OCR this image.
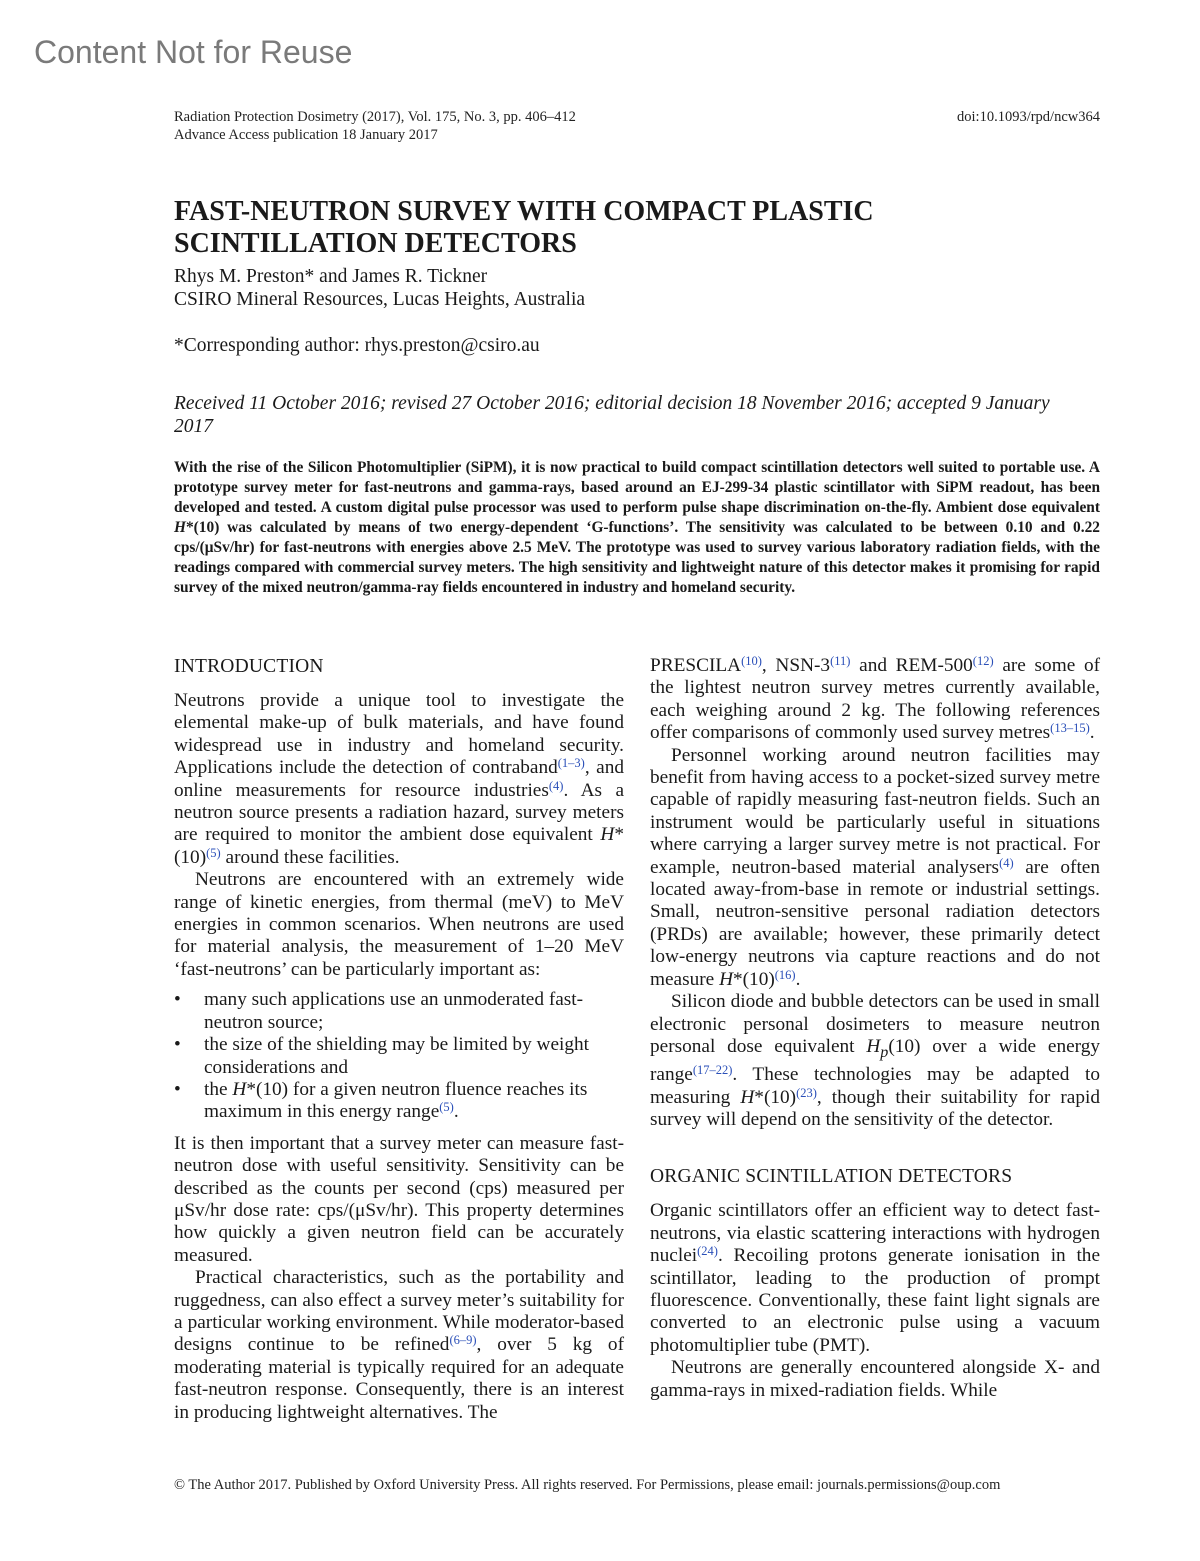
Content Not for Reuse
Radiation Protection Dosimetry (2017), Vol. 175, No. 3, pp. 406–412
Advance Access publication 18 January 2017
doi:10.1093/rpd/ncw364
FAST-NEUTRON SURVEY WITH COMPACT PLASTIC SCINTILLATION DETECTORS
Rhys M. Preston* and James R. Tickner
CSIRO Mineral Resources, Lucas Heights, Australia
*Corresponding author: rhys.preston@csiro.au
Received 11 October 2016; revised 27 October 2016; editorial decision 18 November 2016; accepted 9 January 2017

With the rise of the Silicon Photomultiplier (SiPM), it is now practical to build compact scintillation detectors well suited to portable use. A prototype survey meter for fast-neutrons and gamma-rays, based around an EJ-299-34 plastic scintillator with SiPM readout, has been developed and tested. A custom digital pulse processor was used to perform pulse shape discrimination on-the-fly. Ambient dose equivalent H*(10) was calculated by means of two energy-dependent ‘G-functions’. The sensitivity was calculated to be between 0.10 and 0.22 cps/(μSv/hr) for fast-neutrons with energies above 2.5 MeV. The prototype was used to survey various laboratory radiation fields, with the readings compared with commercial survey meters. The high sensitivity and lightweight nature of this detector makes it promising for rapid survey of the mixed neutron/gamma-ray fields encountered in industry and homeland security.

INTRODUCTION

Neutrons provide a unique tool to investigate the elemental make-up of bulk materials, and have found widespread use in industry and homeland security. Applications include the detection of contraband$^{(1-3)}$, and online measurements for resource industries$^{(4)}$. As a neutron source presents a radiation hazard, survey meters are required to monitor the ambient dose equivalent H*(10)$^{(5)}$ around these facilities.

Neutrons are encountered with an extremely wide range of kinetic energies, from thermal (meV) to MeV energies in common scenarios. When neutrons are used for material analysis, the measurement of 1–20 MeV ‘fast-neutrons’ can be particularly important as:

• many such applications use an unmoderated fast-neutron source;
• the size of the shielding may be limited by weight considerations and
• the H*(10) for a given neutron fluence reaches its maximum in this energy range$^{(5)}$.

It is then important that a survey meter can measure fast-neutron dose with useful sensitivity. Sensitivity can be described as the counts per second (cps) measured per μSv/hr dose rate: cps/(μSv/hr). This property determines how quickly a given neutron field can be accurately measured.

Practical characteristics, such as the portability and ruggedness, can also effect a survey meter’s suitability for a particular working environment. While moderator-based designs continue to be refined$^{(6-9)}$, over 5 kg of moderating material is typically required for an adequate fast-neutron response. Consequently, there is an interest in producing lightweight alternatives. The

PRESCILA$^{(10)}$, NSN-3$^{(11)}$ and REM-500$^{(12)}$ are some of the lightest neutron survey metres currently available, each weighing around 2 kg. The following references offer comparisons of commonly used survey metres$^{(13-15)}$.

Personnel working around neutron facilities may benefit from having access to a pocket-sized survey metre capable of rapidly measuring fast-neutron fields. Such an instrument would be particularly useful in situations where carrying a larger survey metre is not practical. For example, neutron-based material analysers$^{(4)}$ are often located away-from-base in remote or industrial settings. Small, neutron-sensitive personal radiation detectors (PRDs) are available; however, these primarily detect low-energy neutrons via capture reactions and do not measure H*(10)$^{(16)}$.

Silicon diode and bubble detectors can be used in small electronic personal dosimeters to measure neutron personal dose equivalent $H_p(10)$ over a wide energy range$^{(17-22)}$. These technologies may be adapted to measuring H*(10)$^{(23)}$, though their suitability for rapid survey will depend on the sensitivity of the detector.

ORGANIC SCINTILLATION DETECTORS

Organic scintillators offer an efficient way to detect fast-neutrons, via elastic scattering interactions with hydrogen nuclei$^{(24)}$. Recoiling protons generate ionisation in the scintillator, leading to the production of prompt fluorescence. Conventionally, these faint light signals are converted to an electronic pulse using a vacuum photomultiplier tube (PMT).

Neutrons are generally encountered alongside X- and gamma-rays in mixed-radiation fields. While

© The Author 2017. Published by Oxford University Press. All rights reserved. For Permissions, please email: journals.permissions@oup.com
